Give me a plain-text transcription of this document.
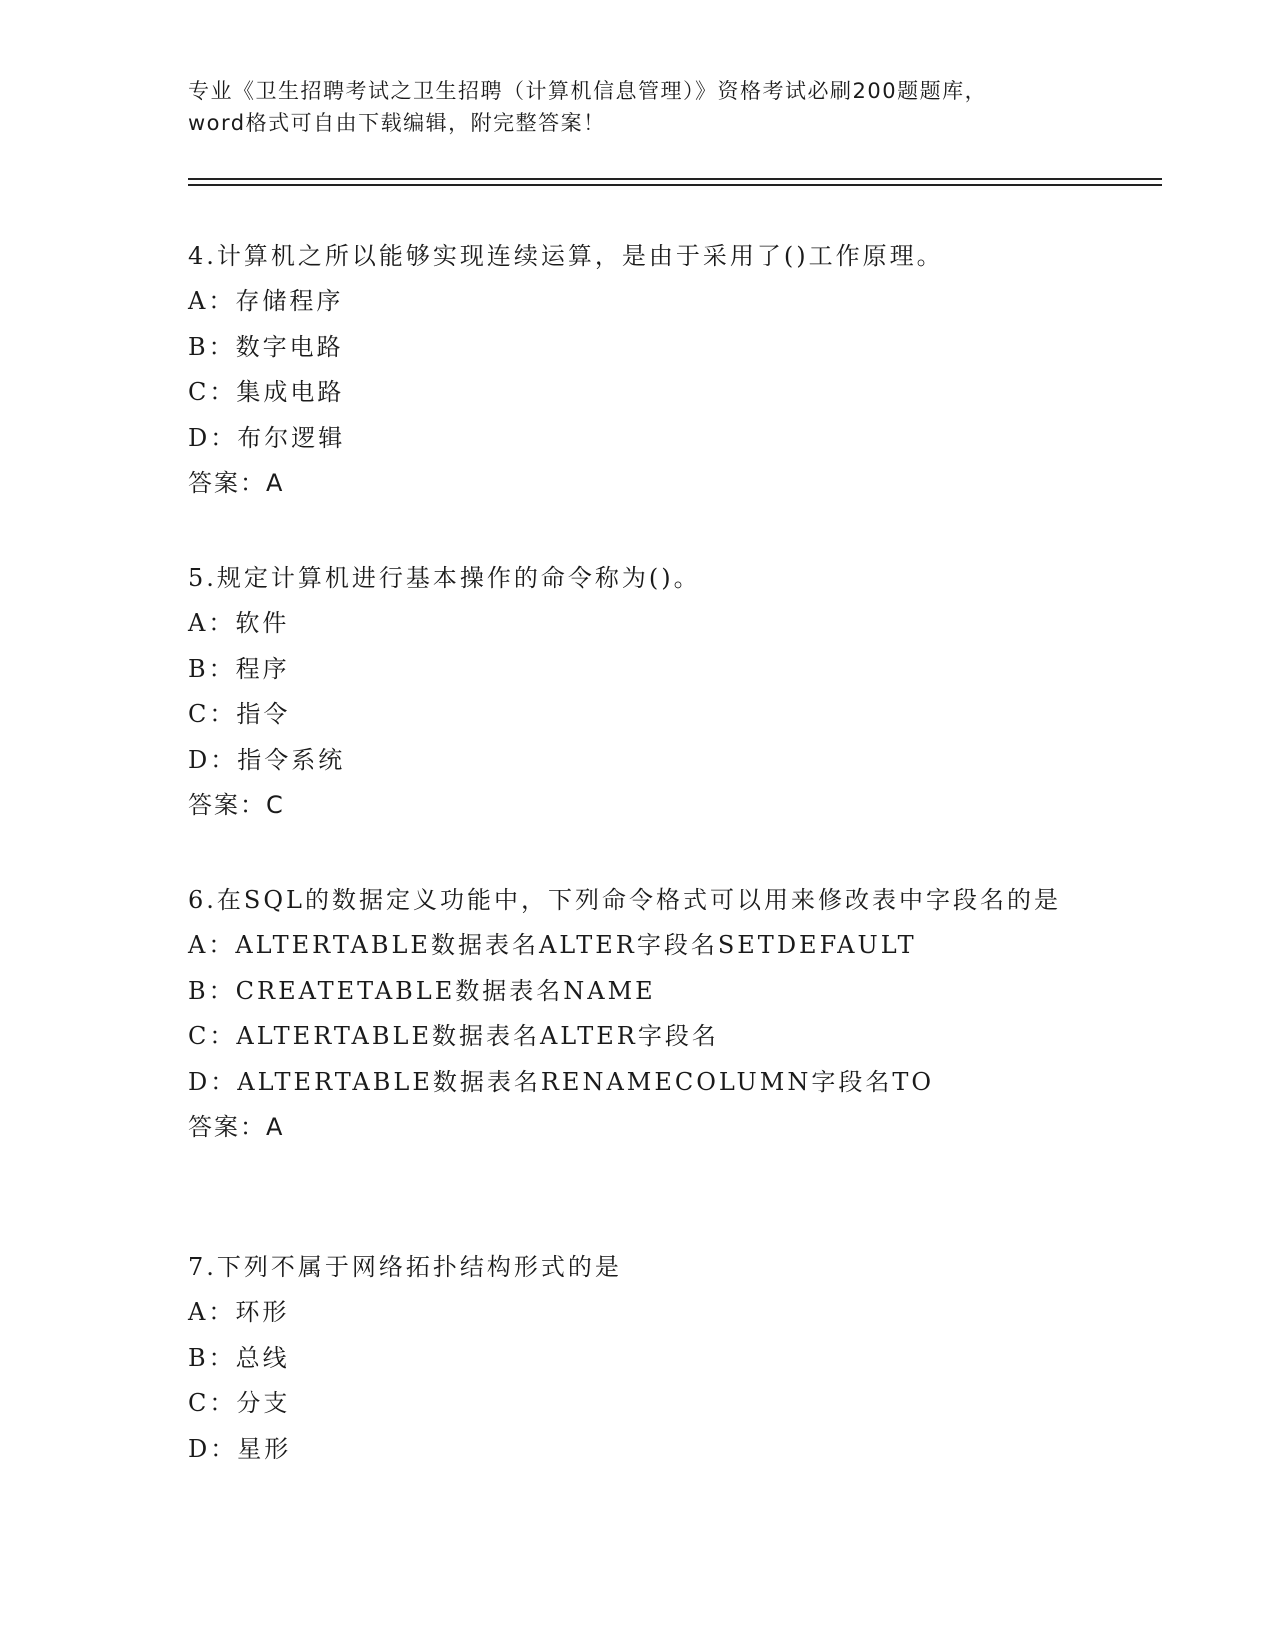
专业《卫生招聘考试之卫生招聘（计算机信息管理）》资格考试必刷200题题库，
word格式可自由下载编辑，附完整答案！
4.计算机之所以能够实现连续运算，是由于采用了()工作原理。
A：存储程序
B：数字电路
C：集成电路
D：布尔逻辑
答案：A
5.规定计算机进行基本操作的命令称为()。
A：软件
B：程序
C：指令
D：指令系统
答案：C
6.在SQL的数据定义功能中，下列命令格式可以用来修改表中字段名的是
A：ALTERTABLE数据表名ALTER字段名SETDEFAULT
B：CREATETABLE数据表名NAME
C：ALTERTABLE数据表名ALTER字段名
D：ALTERTABLE数据表名RENAMECOLUMN字段名TO
答案：A
7.下列不属于网络拓扑结构形式的是
A：环形
B：总线
C：分支
D：星形
